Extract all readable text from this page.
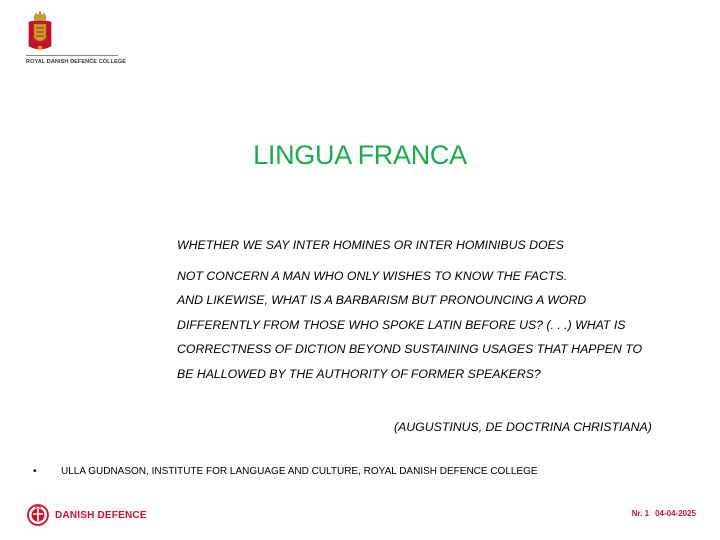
ROYAL DANISH DEFENCE COLLEGE
LINGUA FRANCA

WHETHER WE SAY INTER HOMINES OR INTER HOMINIBUS DOES

NOT CONCERN A MAN WHO ONLY WISHES TO KNOW THE FACTS.

AND LIKEWISE, WHAT IS A BARBARISM BUT PRONOUNCING A WORD

DIFFERENTLY FROM THOSE WHO SPOKE LATIN BEFORE US? (. . .) WHAT IS

CORRECTNESS OF DICTION BEYOND SUSTAINING USAGES THAT HAPPEN TO

BE HALLOWED BY THE AUTHORITY OF FORMER SPEAKERS?

(AUGUSTINUS, DE DOCTRINA CHRISTIANA)
• ULLA GUDNASON, INSTITUTE FOR LANGUAGE AND CULTURE, ROYAL DANISH DEFENCE COLLEGE
DANISH DEFENCE	Nr. 1 04-04-2025
